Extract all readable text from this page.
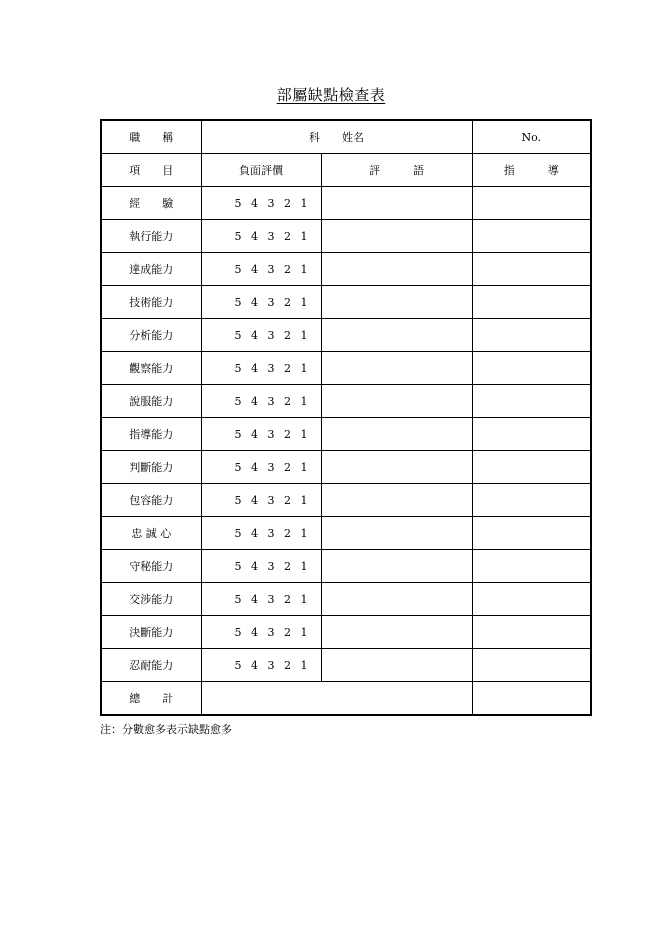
部屬缺點檢查表
職　　稱	科　　姓名		No.
項　　目	負面評價	評　　　語	指　　　導
經　　驗	5 4 3 2 1		
執行能力	5 4 3 2 1		
達成能力	5 4 3 2 1		
技術能力	5 4 3 2 1		
分析能力	5 4 3 2 1		
觀察能力	5 4 3 2 1		
說服能力	5 4 3 2 1		
指導能力	5 4 3 2 1		
判斷能力	5 4 3 2 1		
包容能力	5 4 3 2 1		
忠 誠 心	5 4 3 2 1		
守秘能力	5 4 3 2 1		
交涉能力	5 4 3 2 1		
決斷能力	5 4 3 2 1		
忍耐能力	5 4 3 2 1		
總　　計			
注：分數愈多表示缺點愈多
